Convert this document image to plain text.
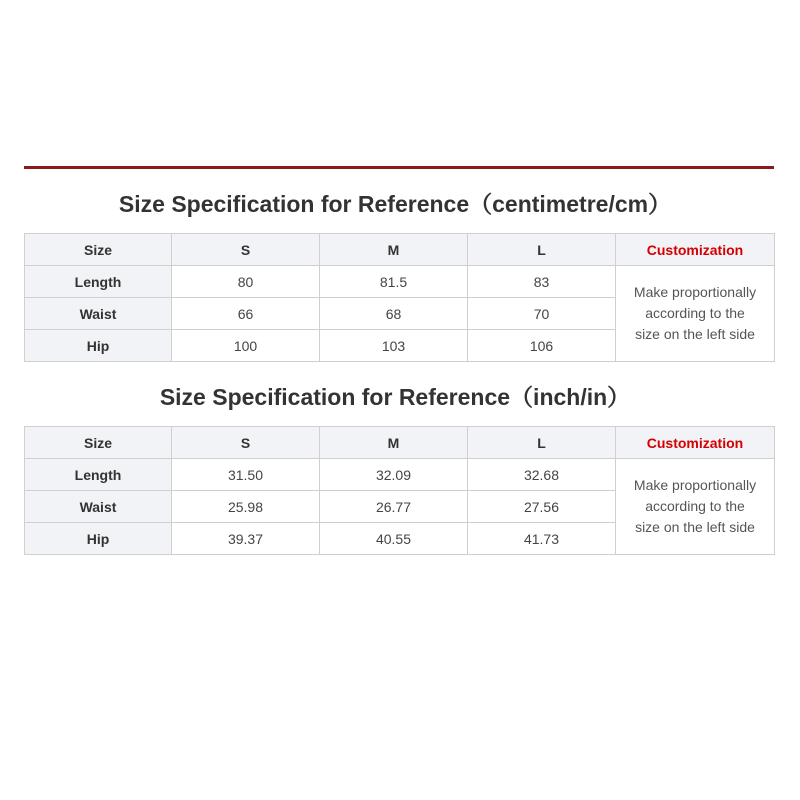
Size Specification for Reference（centimetre/cm）
Size	S	M	L	Customization
Length	80	81.5	83	Make proportionally
according to the
size on the left side

Waist	66	68	70	
Hip	100	103	106	
Size Specification for Reference（inch/in）
Size	S	M	L	Customization
Length	31.50	32.09	32.68	Make proportionally
according to the
size on the left side

Waist	25.98	26.77	27.56	
Hip	39.37	40.55	41.73	
